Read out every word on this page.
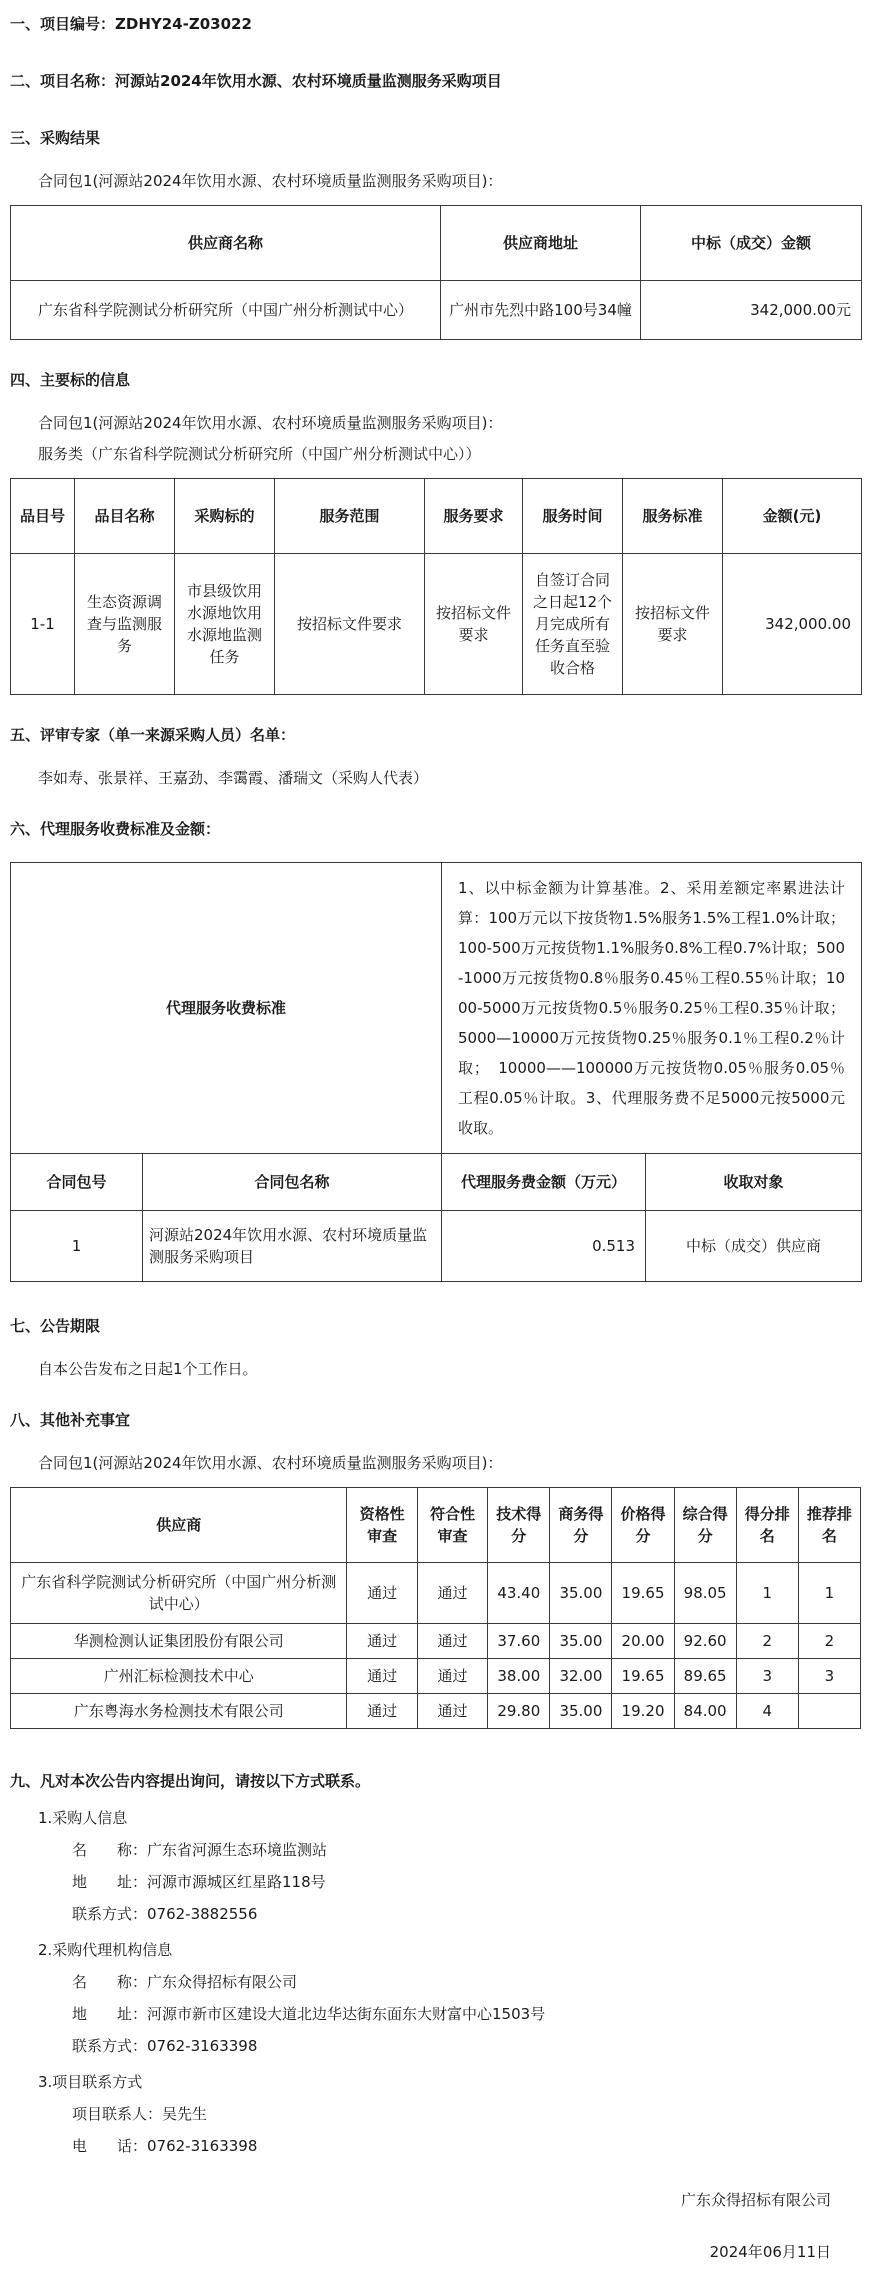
一、项目编号：ZDHY24-Z03022
二、项目名称：河源站2024年饮用水源、农村环境质量监测服务采购项目
三、采购结果
合同包1(河源站2024年饮用水源、农村环境质量监测服务采购项目)：
供应商名称	供应商地址	中标（成交）金额
广东省科学院测试分析研究所（中国广州分析测试中心）	广州市先烈中路100号34幢	342,000.00元
四、主要标的信息
合同包1(河源站2024年饮用水源、农村环境质量监测服务采购项目)：
服务类（广东省科学院测试分析研究所（中国广州分析测试中心））
品目号	品目名称	采购标的	服务范围	服务要求	服务时间	服务标准	金额(元)
1-1	生态资源调查与监测服务	市县级饮用水源地饮用水源地监测任务	按招标文件要求	按招标文件要求	自签订合同之日起12个月完成所有任务直至验收合格	按招标文件要求	342,000.00
五、评审专家（单一来源采购人员）名单：
李如寿、张景祥、王嘉劲、李霭霞、潘瑞文（采购人代表）
六、代理服务收费标准及金额：
代理服务收费标准		1、以中标金额为计算基准。2、采用差额定率累进法计算：100万元以下按货物1.5%服务1.5%工程1.0%计取；100-500万元按货物1.1%服务0.8%工程0.7%计取；500-1000万元按货物0.8％服务0.45％工程0.55％计取；1000-5000万元按货物0.5％服务0.25％工程0.35％计取；5000—10000万元按货物0.25％服务0.1％工程0.2％计取；　10000——100000万元按货物0.05％服务0.05％工程0.05％计取。3、代理服务费不足5000元按5000元收取。	
合同包号	合同包名称	代理服务费金额（万元）	收取对象
1	河源站2024年饮用水源、农村环境质量监测服务采购项目	0.513	中标（成交）供应商
七、公告期限
自本公告发布之日起1个工作日。
八、其他补充事宜
合同包1(河源站2024年饮用水源、农村环境质量监测服务采购项目)：
供应商	资格性审查	符合性审查	技术得分	商务得分	价格得分	综合得分	得分排名	推荐排名
广东省科学院测试分析研究所（中国广州分析测试中心）	通过	通过	43.40	35.00	19.65	98.05	1	1
华测检测认证集团股份有限公司	通过	通过	37.60	35.00	20.00	92.60	2	2
广州汇标检测技术中心	通过	通过	38.00	32.00	19.65	89.65	3	3
广东粤海水务检测技术有限公司	通过	通过	29.80	35.00	19.20	84.00	4	
九、凡对本次公告内容提出询问，请按以下方式联系。
1.采购人信息
名　　称：广东省河源生态环境监测站
地　　址：河源市源城区红星路118号
联系方式：0762-3882556
2.采购代理机构信息
名　　称：广东众得招标有限公司
地　　址：河源市新市区建设大道北边华达街东面东大财富中心1503号
联系方式：0762-3163398
3.项目联系方式
项目联系人：吴先生
电　　话：0762-3163398
广东众得招标有限公司
2024年06月11日
